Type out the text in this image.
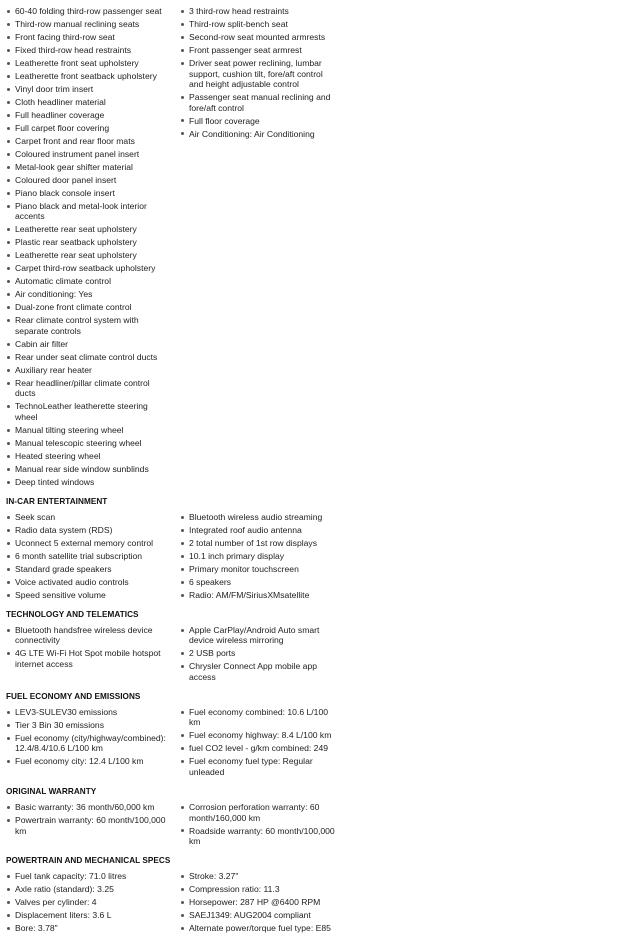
60-40 folding third-row passenger seat
Third-row manual reclining seats
Front facing third-row seat
Fixed third-row head restraints
Leatherette front seat upholstery
Leatherette front seatback upholstery
Vinyl door trim insert
Cloth headliner material
Full headliner coverage
Full carpet floor covering
Carpet front and rear floor mats
Coloured instrument panel insert
Metal-look gear shifter material
Coloured door panel insert
Piano black console insert
Piano black and metal-look interior accents
Leatherette rear seat upholstery
Plastic rear seatback upholstery
Leatherette rear seat upholstery
Carpet third-row seatback upholstery
Automatic climate control
Air conditioning: Yes
Dual-zone front climate control
Rear climate control system with separate controls
Cabin air filter
Rear under seat climate control ducts
Auxiliary rear heater
Rear headliner/pillar climate control ducts
TechnoLeather leatherette steering wheel
Manual tilting steering wheel
Manual telescopic steering wheel
Heated steering wheel
Manual rear side window sunblinds
Deep tinted windows
3 third-row head restraints
Third-row split-bench seat
Second-row seat mounted armrests
Front passenger seat armrest
Driver seat power reclining, lumbar support, cushion tilt, fore/aft control and height adjustable control
Passenger seat manual reclining and fore/aft control
Full floor coverage
Air Conditioning: Air Conditioning
IN-CAR ENTERTAINMENT
Seek scan
Radio data system (RDS)
Uconnect 5 external memory control
6 month satellite trial subscription
Standard grade speakers
Voice activated audio controls
Speed sensitive volume
Bluetooth wireless audio streaming
Integrated roof audio antenna
2 total number of 1st row displays
10.1 inch primary display
Primary monitor touchscreen
6 speakers
Radio: AM/FM/SiriusXMsatellite
TECHNOLOGY AND TELEMATICS
Bluetooth handsfree wireless device connectivity
4G LTE Wi-Fi Hot Spot mobile hotspot internet access
Apple CarPlay/Android Auto smart device wireless mirroring
2 USB ports
Chrysler Connect App mobile app access
FUEL ECONOMY AND EMISSIONS
LEV3-SULEV30 emissions
Tier 3 Bin 30 emissions
Fuel economy (city/highway/combined): 12.4/8.4/10.6 L/100 km
Fuel economy city: 12.4 L/100 km
Fuel economy combined: 10.6 L/100 km
Fuel economy highway: 8.4 L/100 km
fuel CO2 level - g/km combined: 249
Fuel economy fuel type: Regular unleaded
ORIGINAL WARRANTY
Basic warranty: 36 month/60,000 km
Powertrain warranty: 60 month/100,000 km
Corrosion perforation warranty: 60 month/160,000 km
Roadside warranty: 60 month/100,000 km
POWERTRAIN AND MECHANICAL SPECS
Fuel tank capacity: 71.0 litres
Axle ratio (standard): 3.25
Valves per cylinder: 4
Displacement liters: 3.6 L
Bore: 3.78"
Stroke: 3.27"
Compression ratio: 11.3
Horsepower: 287 HP @6400 RPM
SAEJ1349: AUG2004 compliant
Alternate power/torque fuel type: E85
